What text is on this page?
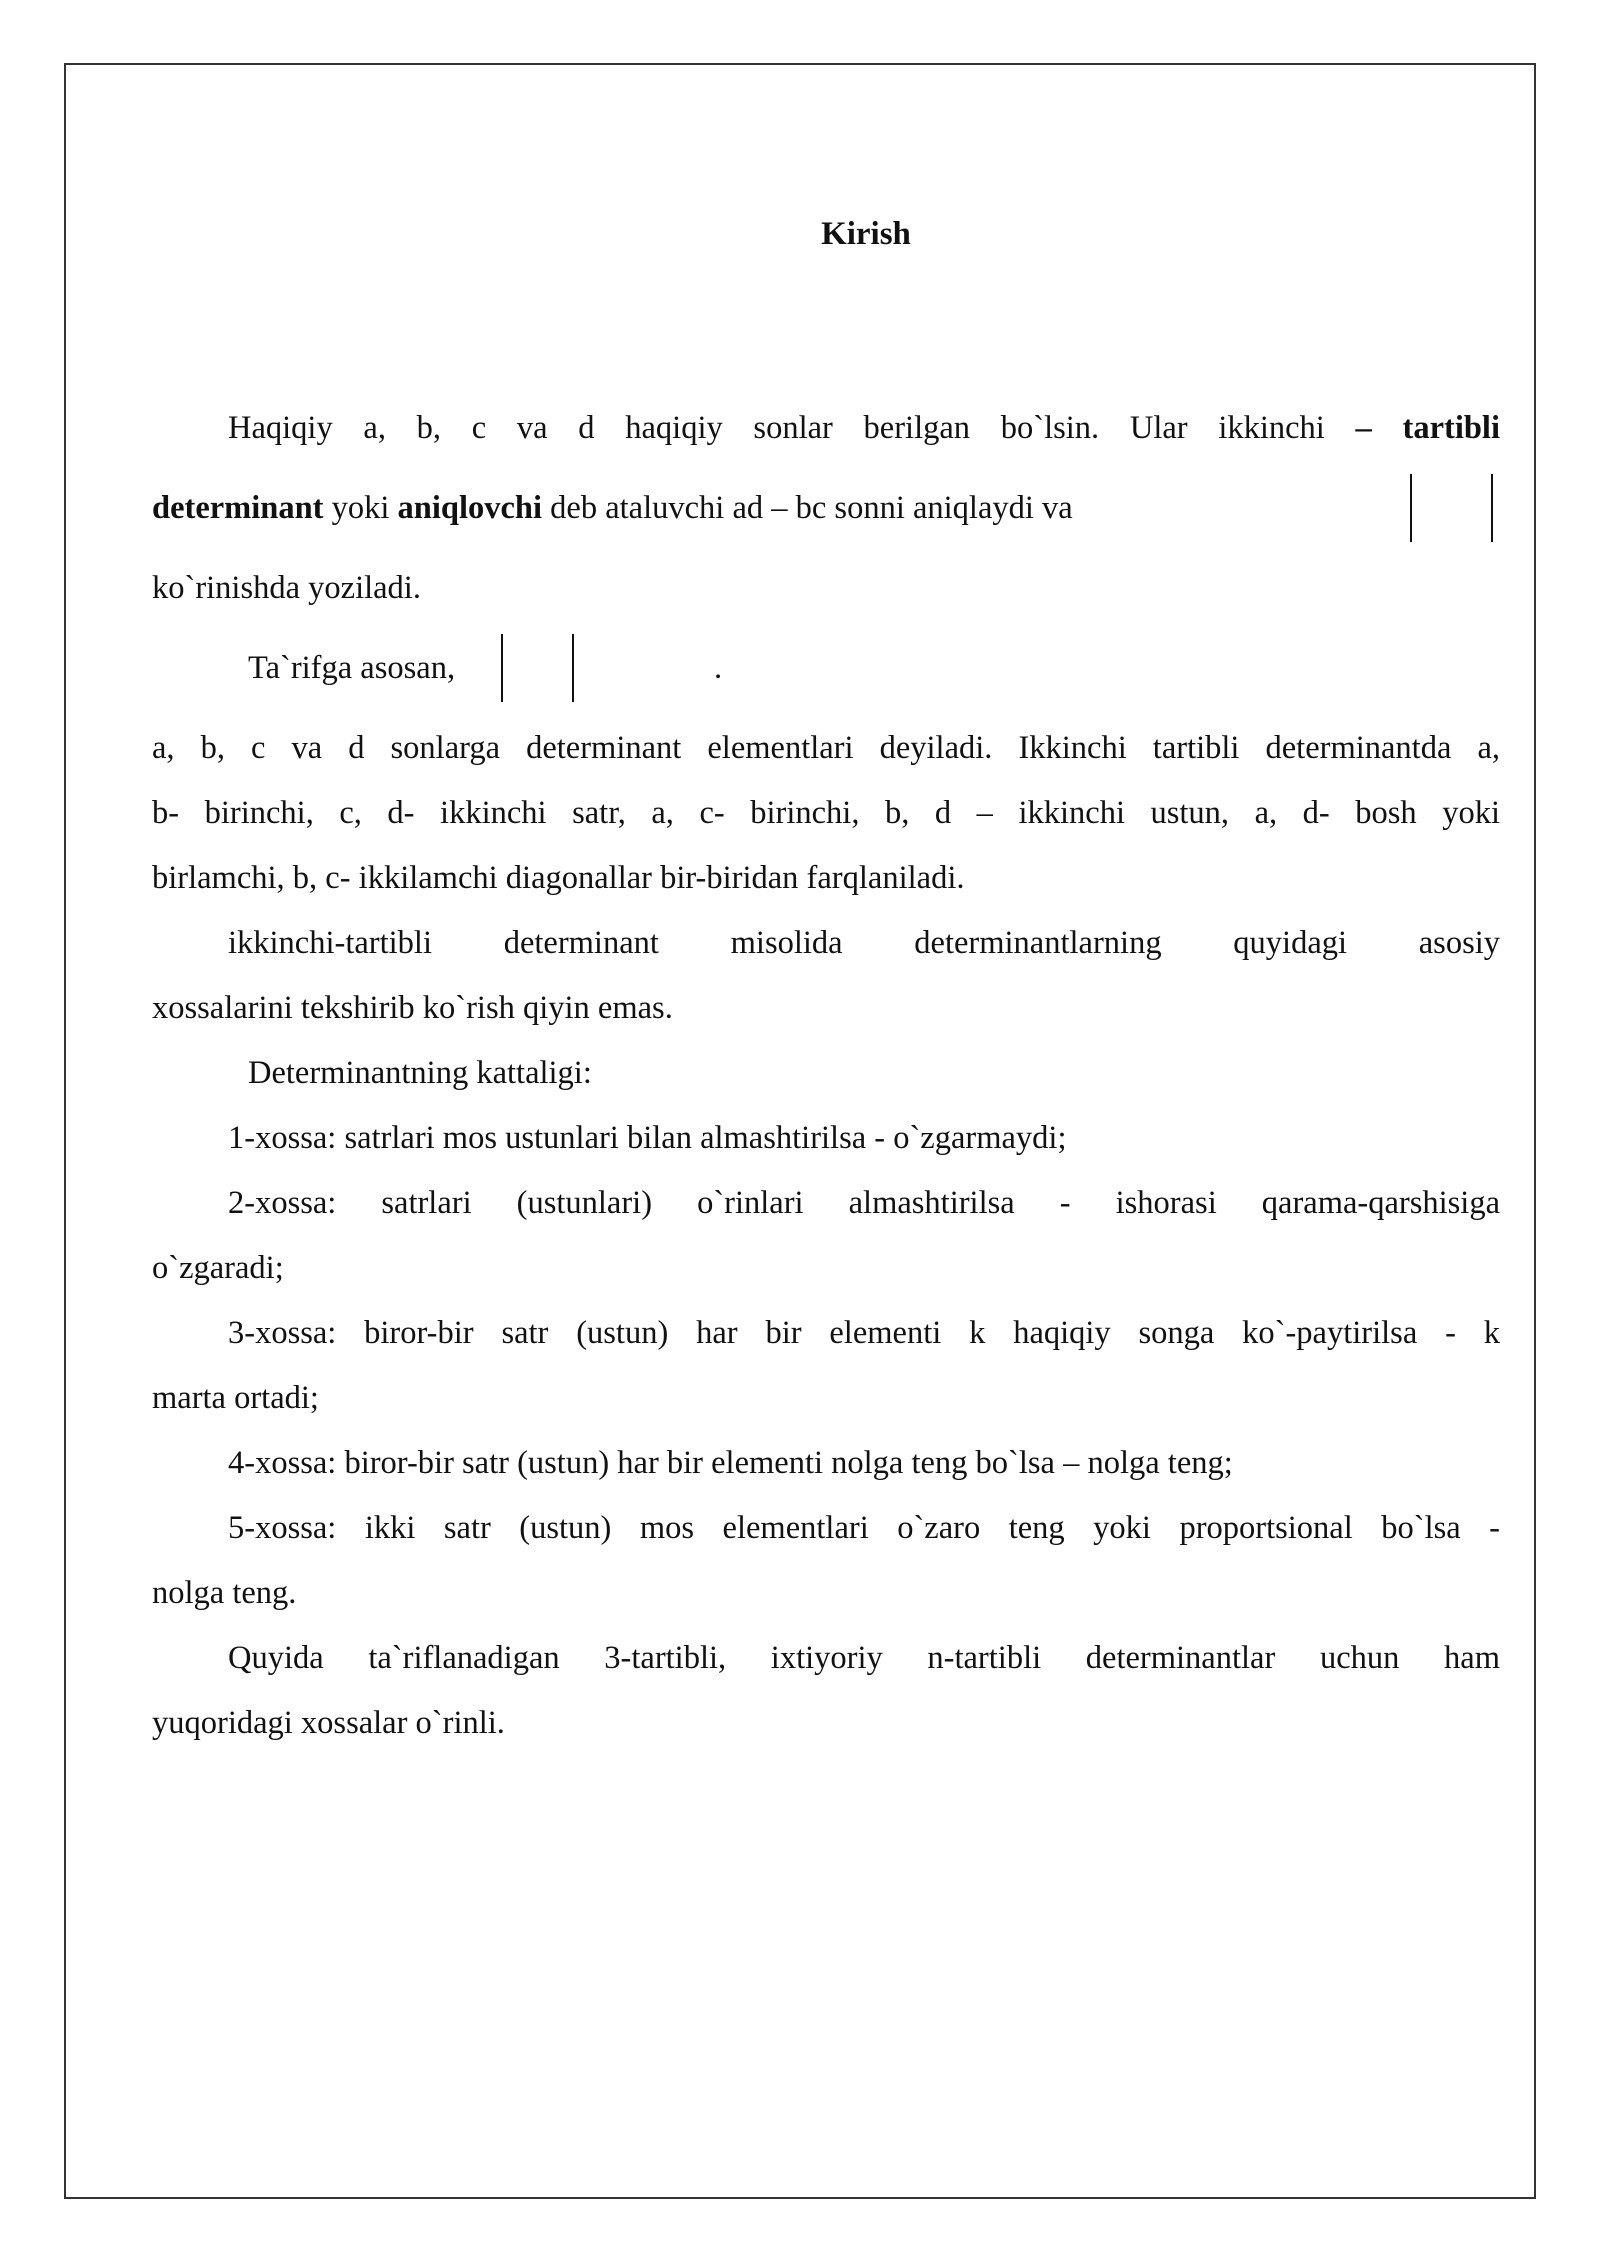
Kirish
Haqiqiy a, b, c va d haqiqiy sonlar berilgan bo`lsin. Ular ikkinchi – tartibli
determinant yoki aniqlovchi deb ataluvchi ad – bc sonni aniqlaydi va
ko`rinishda yoziladi.
Ta`rifga asosan,	.
a, b, c va d sonlarga determinant elementlari deyiladi. Ikkinchi tartibli determinantda a,
b- birinchi, c, d- ikkinchi satr, a, c- birinchi, b, d – ikkinchi ustun, a, d- bosh yoki
birlamchi, b, c- ikkilamchi diagonallar bir-biridan farqlaniladi.
ikkinchi-tartibli determinant misolida determinantlarning quyidagi asosiy
xossalarini tekshirib ko`rish qiyin emas.
Determinantning kattaligi:
1-xossa: satrlari mos ustunlari bilan almashtirilsa - o`zgarmaydi;
2-xossa: satrlari (ustunlari) o`rinlari almashtirilsa - ishorasi qarama-qarshisiga
o`zgaradi;
3-xossa: biror-bir satr (ustun) har bir elementi k haqiqiy songa ko`-paytirilsa - k
marta ortadi;
4-xossa: biror-bir satr (ustun) har bir elementi nolga teng bo`lsa – nolga teng;
5-xossa: ikki satr (ustun) mos elementlari o`zaro teng yoki proportsional bo`lsa -
nolga teng.
Quyida ta`riflanadigan 3-tartibli, ixtiyoriy n-tartibli determinantlar uchun ham
yuqoridagi xossalar o`rinli.
